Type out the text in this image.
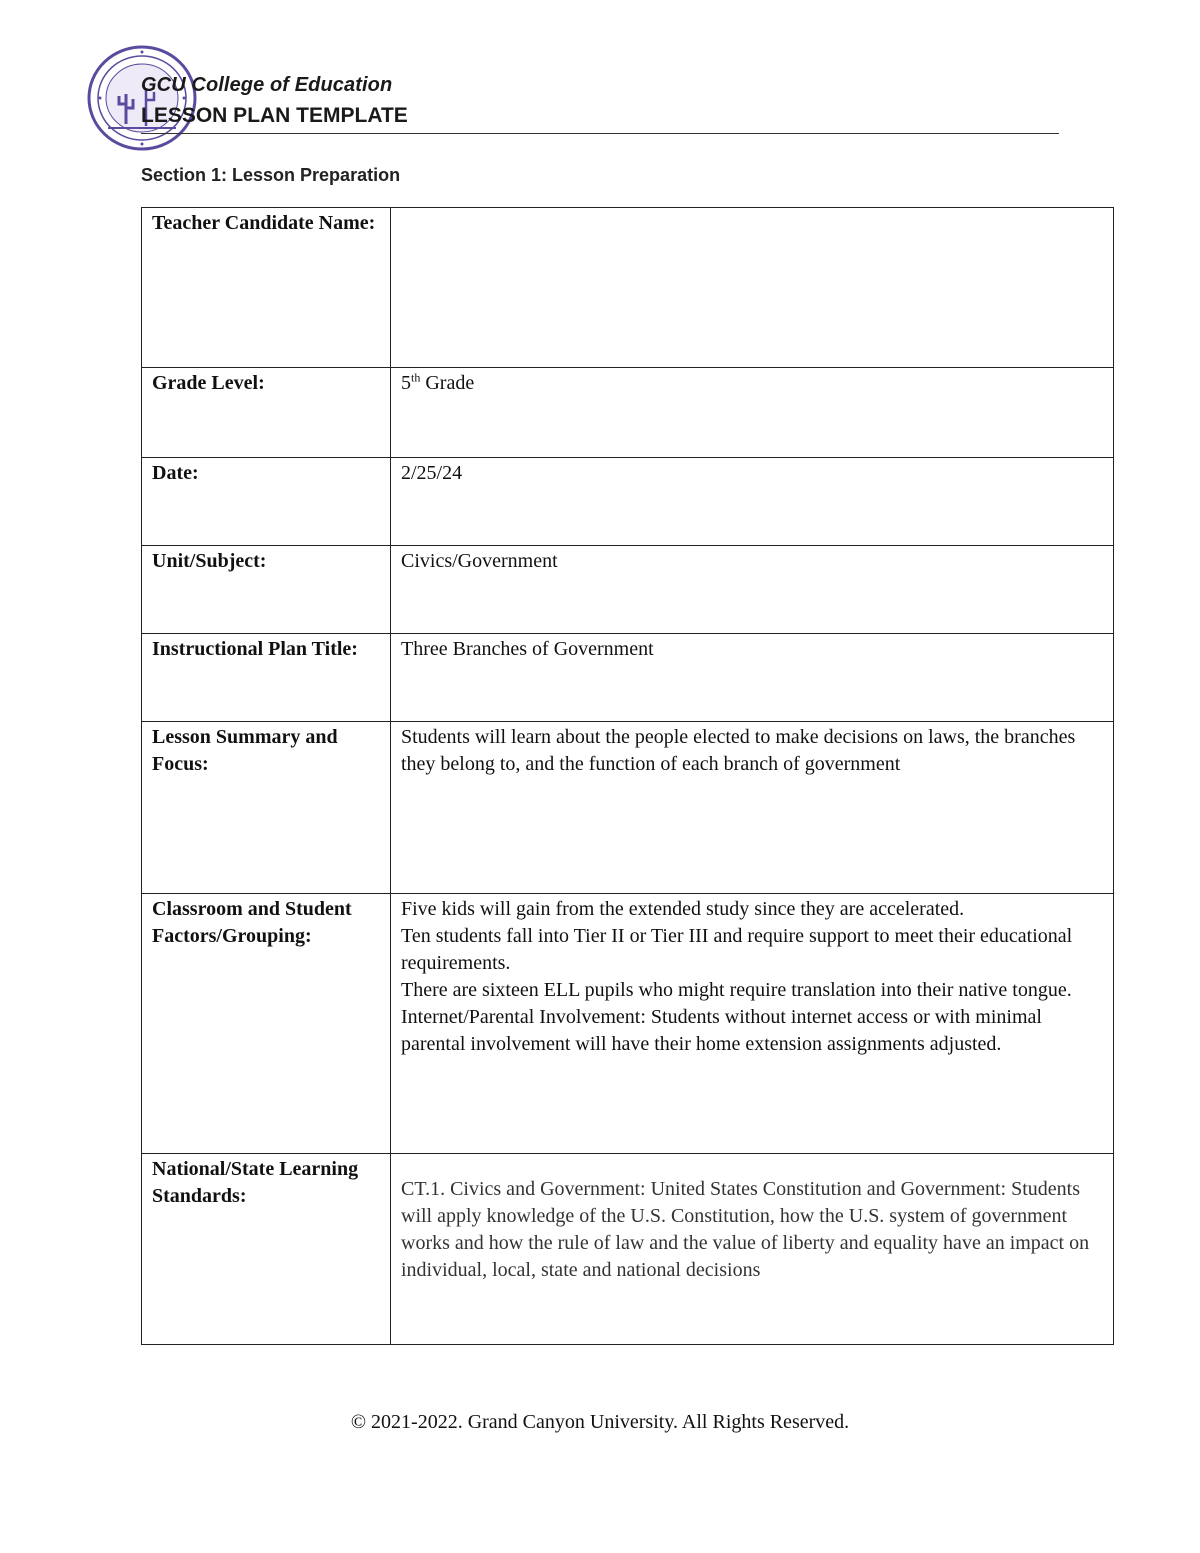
GCU College of Education
LESSON PLAN TEMPLATE
Section 1: Lesson Preparation
Teacher Candidate Name:	
Grade Level:	5th Grade
Date:	2/25/24
Unit/Subject:	Civics/Government
Instructional Plan Title:	Three Branches of Government
Lesson Summary and Focus:	Students will learn about the people elected to make decisions on laws, the branches they belong to, and the function of each branch of government
Classroom and Student Factors/Grouping:	Five kids will gain from the extended study since they are accelerated.
Ten students fall into Tier II or Tier III and require support to meet their educational requirements.
There are sixteen ELL pupils who might require translation into their native tongue.
Internet/Parental Involvement: Students without internet access or with minimal parental involvement will have their home extension assignments adjusted.

National/State Learning Standards:	CT.1. Civics and Government: United States Constitution and Government: Students will apply knowledge of the U.S. Constitution, how the U.S. system of government works and how the rule of law and the value of liberty and equality have an impact on individual, local, state and national decisions
© 2021-2022. Grand Canyon University. All Rights Reserved.
